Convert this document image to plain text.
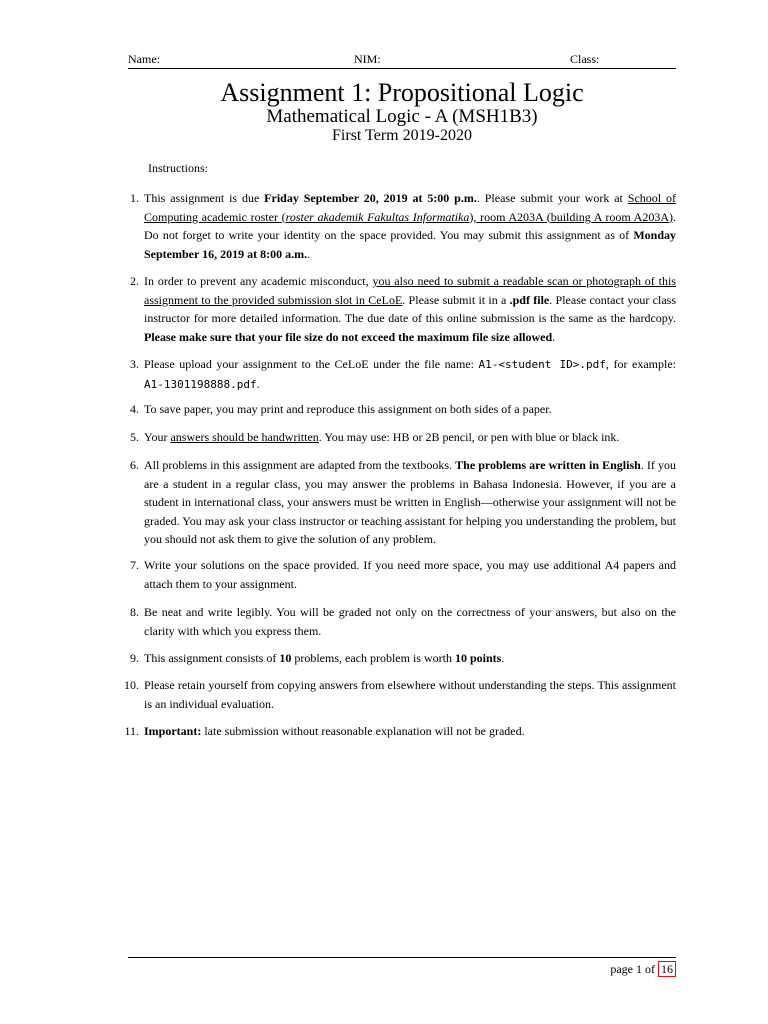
Name:	NIM:	Class:
Assignment 1: Propositional Logic
Mathematical Logic - A (MSH1B3)
First Term 2019-2020
Instructions:
1. This assignment is due Friday September 20, 2019 at 5:00 p.m.. Please submit your work at School of Computing academic roster (roster akademik Fakultas Informatika), room A203A (building A room A203A). Do not forget to write your identity on the space provided. You may submit this assignment as of Monday September 16, 2019 at 8:00 a.m..
2. In order to prevent any academic misconduct, you also need to submit a readable scan or photograph of this assignment to the provided submission slot in CeLoE. Please submit it in a .pdf file. Please contact your class instructor for more detailed information. The due date of this online submission is the same as the hardcopy. Please make sure that your file size do not exceed the maximum file size allowed.
3. Please upload your assignment to the CeLoE under the file name: A1-<student ID>.pdf, for example: A1-1301198888.pdf.
4. To save paper, you may print and reproduce this assignment on both sides of a paper.
5. Your answers should be handwritten. You may use: HB or 2B pencil, or pen with blue or black ink.
6. All problems in this assignment are adapted from the textbooks. The problems are written in English. If you are a student in a regular class, you may answer the problems in Bahasa Indonesia. However, if you are a student in international class, your answers must be written in English—otherwise your assignment will not be graded. You may ask your class instructor or teaching assistant for helping you understanding the problem, but you should not ask them to give the solution of any problem.
7. Write your solutions on the space provided. If you need more space, you may use additional A4 papers and attach them to your assignment.
8. Be neat and write legibly. You will be graded not only on the correctness of your answers, but also on the clarity with which you express them.
9. This assignment consists of 10 problems, each problem is worth 10 points.
10. Please retain yourself from copying answers from elsewhere without understanding the steps. This assignment is an individual evaluation.
11. Important: late submission without reasonable explanation will not be graded.
page 1 of 16
